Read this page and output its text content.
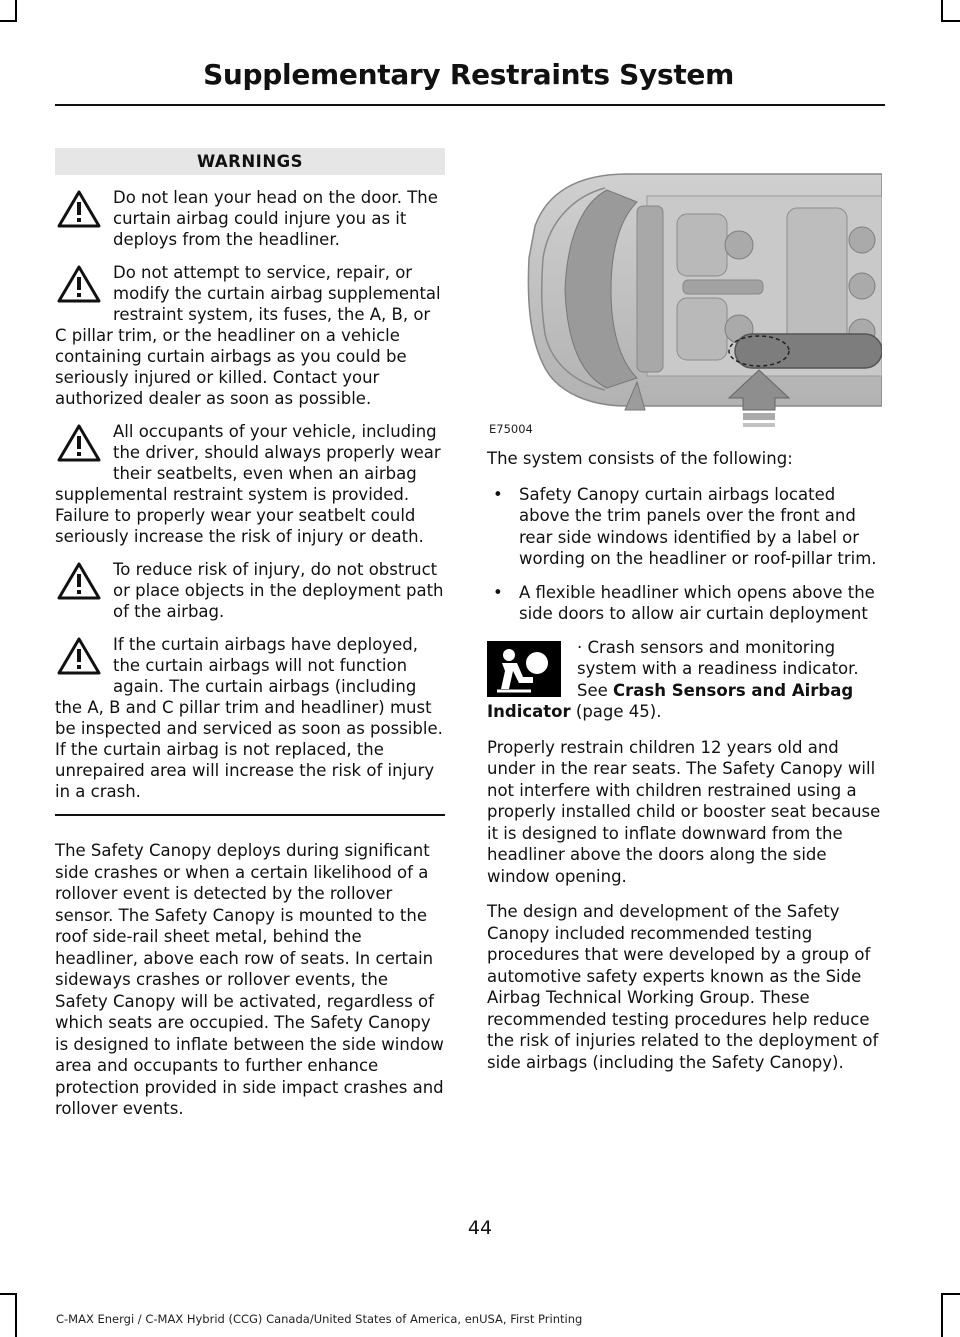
Supplementary Restraints System
WARNINGS

Do not lean your head on the door. The curtain airbag could injure you as it deploys from the headliner.

Do not attempt to service, repair, or modify the curtain airbag supplemental restraint system, its fuses, the A, B, or C pillar trim, or the headliner on a vehicle containing curtain airbags as you could be seriously injured or killed. Contact your authorized dealer as soon as possible.

All occupants of your vehicle, including the driver, should always properly wear their seatbelts, even when an airbag supplemental restraint system is provided. Failure to properly wear your seatbelt could seriously increase the risk of injury or death.

To reduce risk of injury, do not obstruct or place objects in the deployment path of the airbag.

If the curtain airbags have deployed, the curtain airbags will not function again. The curtain airbags (including the A, B and C pillar trim and headliner) must be inspected and serviced as soon as possible. If the curtain airbag is not replaced, the unrepaired area will increase the risk of injury in a crash.

The Safety Canopy deploys during significant side crashes or when a certain likelihood of a rollover event is detected by the rollover sensor. The Safety Canopy is mounted to the roof side-rail sheet metal, behind the headliner, above each row of seats. In certain sideways crashes or rollover events, the Safety Canopy will be activated, regardless of which seats are occupied. The Safety Canopy is designed to inflate between the side window area and occupants to further enhance protection provided in side impact crashes and rollover events.

E75004

The system consists of the following:

• Safety Canopy curtain airbags located above the trim panels over the front and rear side windows identified by a label or wording on the headliner or roof-pillar trim.
• A flexible headliner which opens above the side doors to allow air curtain deployment

· Crash sensors and monitoring system with a readiness indicator. See Crash Sensors and Airbag Indicator (page 45).

Properly restrain children 12 years old and under in the rear seats. The Safety Canopy will not interfere with children restrained using a properly installed child or booster seat because it is designed to inflate downward from the headliner above the doors along the side window opening.

The design and development of the Safety Canopy included recommended testing procedures that were developed by a group of automotive safety experts known as the Side Airbag Technical Working Group. These recommended testing procedures help reduce the risk of injuries related to the deployment of side airbags (including the Safety Canopy).

44
C-MAX Energi / C-MAX Hybrid (CCG) Canada/United States of America, enUSA, First Printing
